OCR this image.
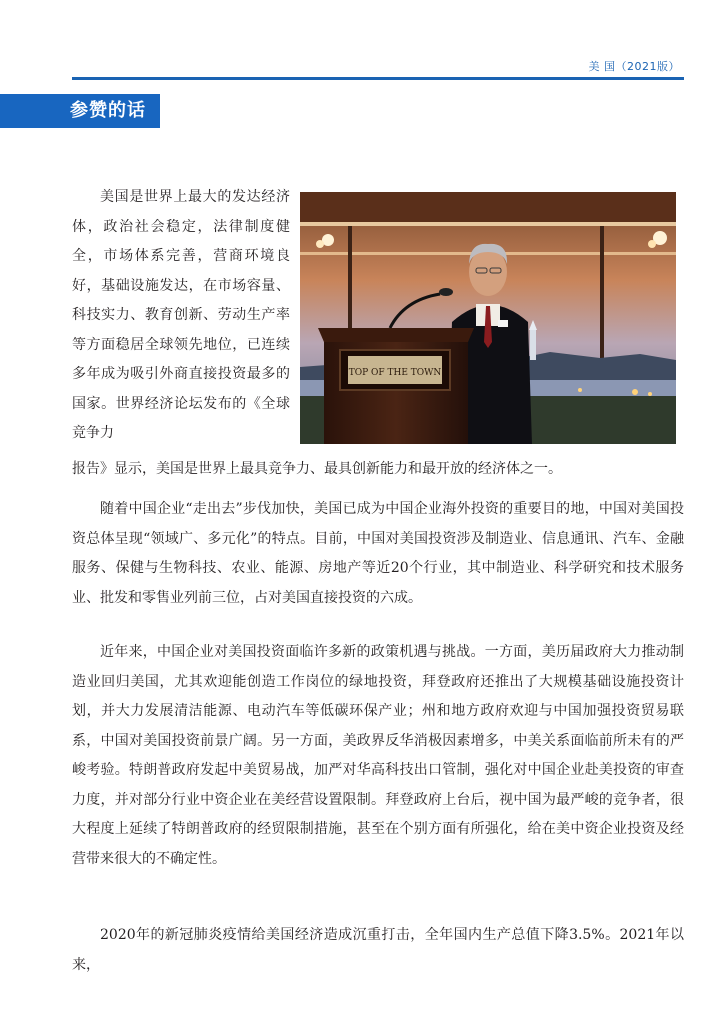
美 国（2021版）
参赞的话
TOP OF THE TOWN

美国是世界上最大的发达经济体，政治社会稳定，法律制度健全，市场体系完善，营商环境良好，基础设施发达，在市场容量、科技实力、教育创新、劳动生产率等方面稳居全球领先地位，已连续多年成为吸引外商直接投资最多的国家。世界经济论坛发布的《全球竞争力

报告》显示，美国是世界上最具竞争力、最具创新能力和最开放的经济体之一。

随着中国企业“走出去”步伐加快，美国已成为中国企业海外投资的重要目的地，中国对美国投资总体呈现“领域广、多元化”的特点。目前，中国对美国投资涉及制造业、信息通讯、汽车、金融服务、保健与生物科技、农业、能源、房地产等近20个行业，其中制造业、科学研究和技术服务业、批发和零售业列前三位，占对美国直接投资的六成。

近年来，中国企业对美国投资面临许多新的政策机遇与挑战。一方面，美历届政府大力推动制造业回归美国，尤其欢迎能创造工作岗位的绿地投资，拜登政府还推出了大规模基础设施投资计划，并大力发展清洁能源、电动汽车等低碳环保产业；州和地方政府欢迎与中国加强投资贸易联系，中国对美国投资前景广阔。另一方面，美政界反华消极因素增多，中美关系面临前所未有的严峻考验。特朗普政府发起中美贸易战，加严对华高科技出口管制，强化对中国企业赴美投资的审查力度，并对部分行业中资企业在美经营设置限制。拜登政府上台后，视中国为最严峻的竞争者，很大程度上延续了特朗普政府的经贸限制措施，甚至在个别方面有所强化，给在美中资企业投资及经营带来很大的不确定性。

2020年的新冠肺炎疫情给美国经济造成沉重打击，全年国内生产总值下降3.5%。2021年以来，
